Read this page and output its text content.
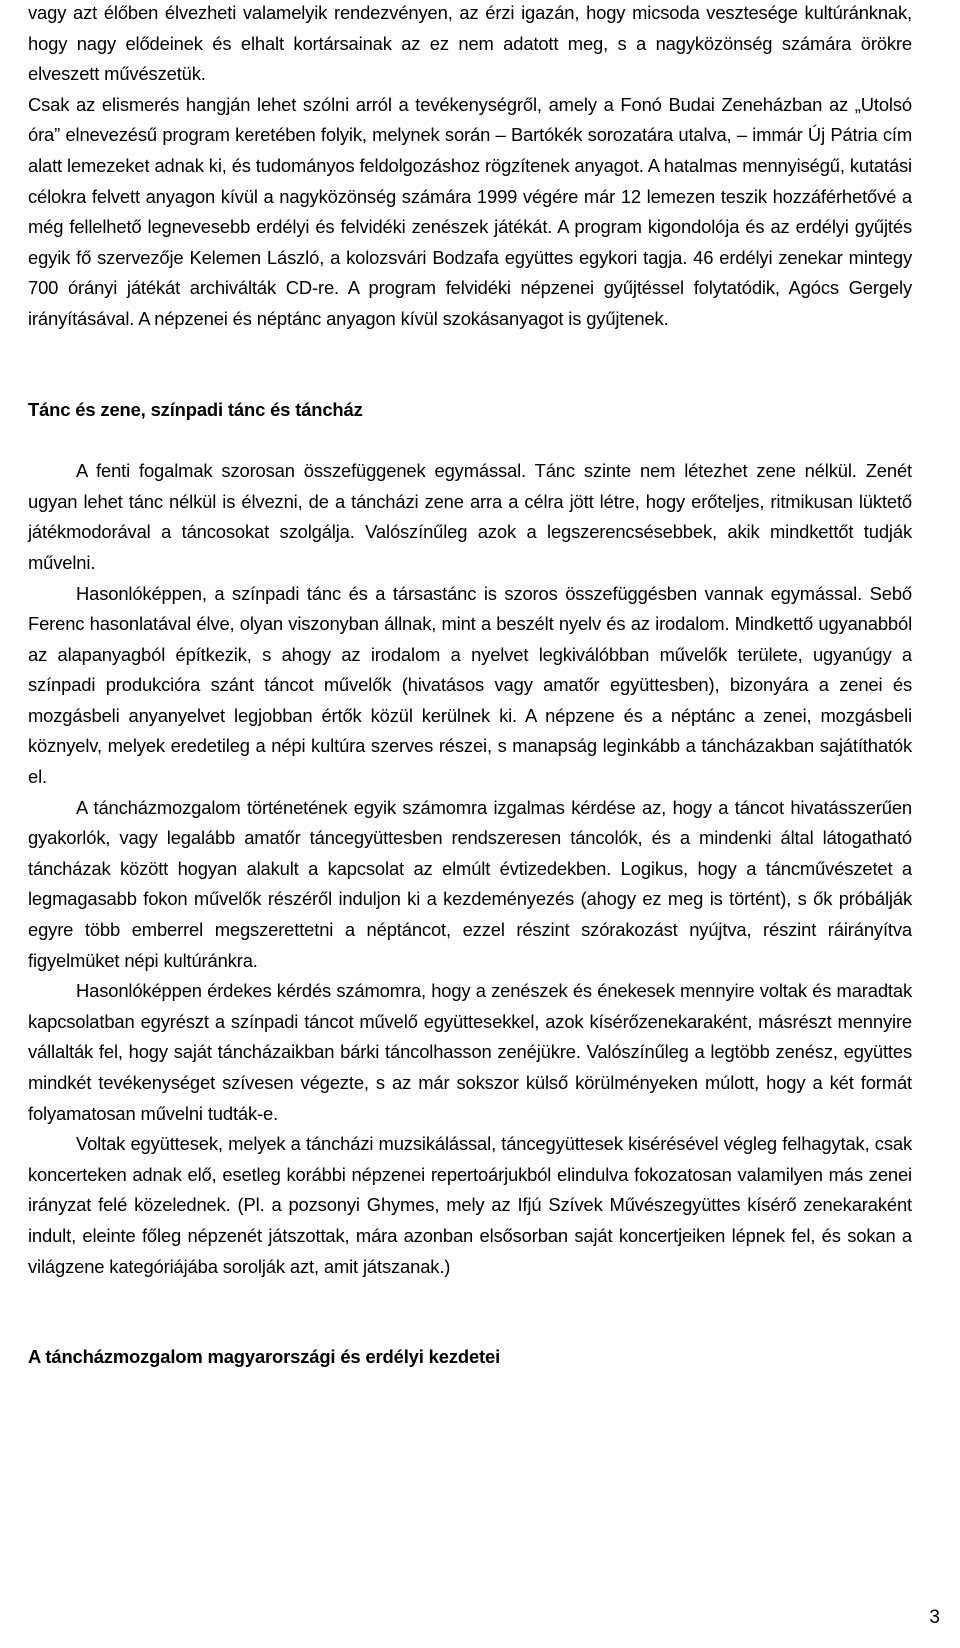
vagy azt élőben élvezheti valamelyik rendezvényen, az érzi igazán, hogy micsoda vesztesége kultúránknak, hogy nagy elődeinek és elhalt kortársainak az ez nem adatott meg, s a nagyközönség számára örökre elveszett művészetük.

Csak az elismerés hangján lehet szólni arról a tevékenységről, amely a Fonó Budai Zeneházban az „Utolsó óra” elnevezésű program keretében folyik, melynek során – Bartókék sorozatára utalva, – immár Új Pátria cím alatt lemezeket adnak ki, és tudományos feldolgozáshoz rögzítenek anyagot. A hatalmas mennyiségű, kutatási célokra felvett anyagon kívül a nagyközönség számára 1999 végére már 12 lemezen teszik hozzáférhetővé a még fellelhető legnevesebb erdélyi és felvidéki zenészek játékát. A program kigondolója és az erdélyi gyűjtés egyik fő szervezője Kelemen László, a kolozsvári Bodzafa együttes egykori tagja. 46 erdélyi zenekar mintegy 700 órányi játékát archiválták CD-re. A program felvidéki népzenei gyűjtéssel folytatódik, Agócs Gergely irányításával. A népzenei és néptánc anyagon kívül szokásanyagot is gyűjtenek.

Tánc és zene, színpadi tánc és táncház

A fenti fogalmak szorosan összefüggenek egymással. Tánc szinte nem létezhet zene nélkül. Zenét ugyan lehet tánc nélkül is élvezni, de a táncházi zene arra a célra jött létre, hogy erőteljes, ritmikusan lüktető játékmodorával a táncosokat szolgálja. Valószínűleg azok a legszerencsésebbek, akik mindkettőt tudják művelni.

Hasonlóképpen, a színpadi tánc és a társastánc is szoros összefüggésben vannak egymással. Sebő Ferenc hasonlatával élve, olyan viszonyban állnak, mint a beszélt nyelv és az irodalom. Mindkettő ugyanabból az alapanyagból építkezik, s ahogy az irodalom a nyelvet legkiválóbban művelők területe, ugyanúgy a színpadi produkcióra szánt táncot művelők (hivatásos vagy amatőr együttesben), bizonyára a zenei és mozgásbeli anyanyelvet legjobban értők közül kerülnek ki. A népzene és a néptánc a zenei, mozgásbeli köznyelv, melyek eredetileg a népi kultúra szerves részei, s manapság leginkább a táncházakban sajátíthatók el.

A táncházmozgalom történetének egyik számomra izgalmas kérdése az, hogy a táncot hivatásszerűen gyakorlók, vagy legalább amatőr táncegyüttesben rendszeresen táncolók, és a mindenki által látogatható táncházak között hogyan alakult a kapcsolat az elmúlt évtizedekben. Logikus, hogy a táncművészetet a legmagasabb fokon művelők részéről induljon ki a kezdeményezés (ahogy ez meg is történt), s ők próbálják egyre több emberrel megszerettetni a néptáncot, ezzel részint szórakozást nyújtva, részint ráirányítva figyelmüket népi kultúránkra.

Hasonlóképpen érdekes kérdés számomra, hogy a zenészek és énekesek mennyire voltak és maradtak kapcsolatban egyrészt a színpadi táncot művelő együttesekkel, azok kísérőzenekaraként, másrészt mennyire vállalták fel, hogy saját táncházaikban bárki táncolhasson zenéjükre. Valószínűleg a legtöbb zenész, együttes mindkét tevékenységet szívesen végezte, s az már sokszor külső körülményeken múlott, hogy a két formát folyamatosan művelni tudták-e.

Voltak együttesek, melyek a táncházi muzsikálással, táncegyüttesek kisérésével végleg felhagytak, csak koncerteken adnak elő, esetleg korábbi népzenei repertoárjukból elindulva fokozatosan valamilyen más zenei irányzat felé közelednek. (Pl. a pozsonyi Ghymes, mely az Ifjú Szívek Művészegyüttes kísérő zenekaraként indult, eleinte főleg népzenét játszottak, mára azonban elsősorban saját koncertjeiken lépnek fel, és sokan a világzene kategóriájába sorolják azt, amit játszanak.)

A táncházmozgalom magyarországi és erdélyi kezdetei
3
